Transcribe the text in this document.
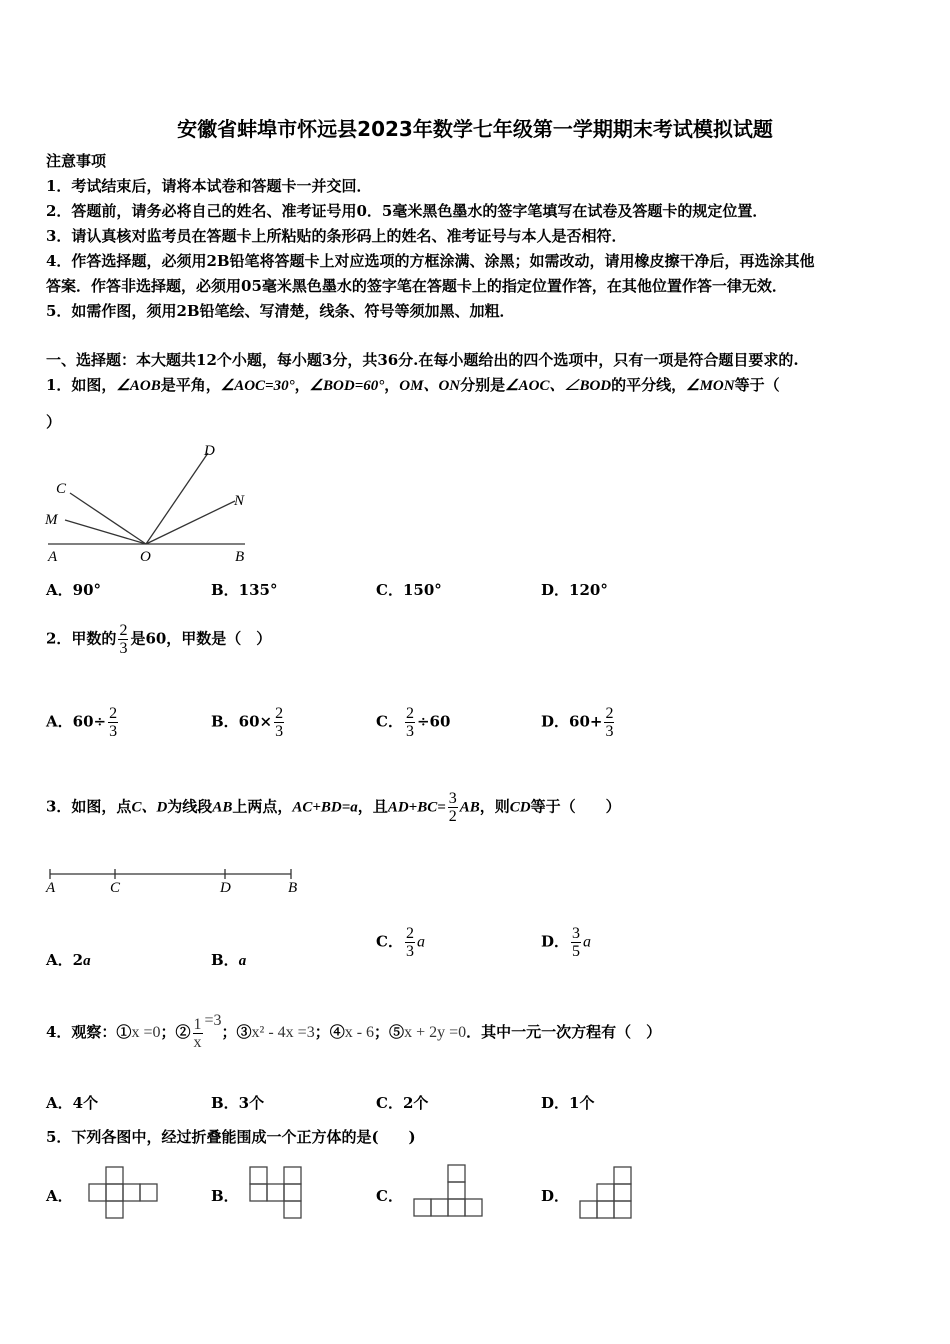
安徽省蚌埠市怀远县2023年数学七年级第一学期期末考试模拟试题
注意事项
1．考试结束后，请将本试卷和答题卡一并交回．
2．答题前，请务必将自己的姓名、准考证号用0．5毫米黑色墨水的签字笔填写在试卷及答题卡的规定位置．
3．请认真核对监考员在答题卡上所粘贴的条形码上的姓名、准考证号与本人是否相符．
4．作答选择题，必须用2B铅笔将答题卡上对应选项的方框涂满、涂黑；如需改动，请用橡皮擦干净后，再选涂其他
答案．作答非选择题，必须用05毫米黑色墨水的签字笔在答题卡上的指定位置作答，在其他位置作答一律无效．
5．如需作图，须用2B铅笔绘、写清楚，线条、符号等须加黑、加粗．
一、选择题：本大题共12个小题，每小题3分，共36分.在每小题给出的四个选项中，只有一项是符合题目要求的.
1．如图，∠AOB是平角，∠AOC=30°，∠BOD=60°，OM、ON分别是∠AOC、∠BOD的平分线，∠MON等于（
）
A	O	B
C
M
D
N
A．90°	B．135°	C．150°	D．120°
2．甲数的 $\frac{2}{3}$ 是60，甲数是（　）
A．$60\div \frac{2}{3}$	B．$60\times \frac{2}{3}$	C． $\frac{2}{3} \div 60$	D．$60+ \frac{2}{3}$
3．如图，点C、D为线段AB上两点，AC+BD=a，且$AD+BC= \frac{3}{2}$ AB，则CD等于（　　）
A	C	D	B
A．2a	B．a
C． $\frac{2}{3}$ a	D． $\frac{3}{5}$ a
4．观察：①x =0；② $\frac{1}{x} =3$；③x² - 4x =3；④x - 6；⑤x + 2y =0．其中一元一次方程有（　）
A．4个	B．3个	C．2个	D．1个
5．下列各图中，经过折叠能围成一个正方体的是(　　)
A．	B．	C．	D．
